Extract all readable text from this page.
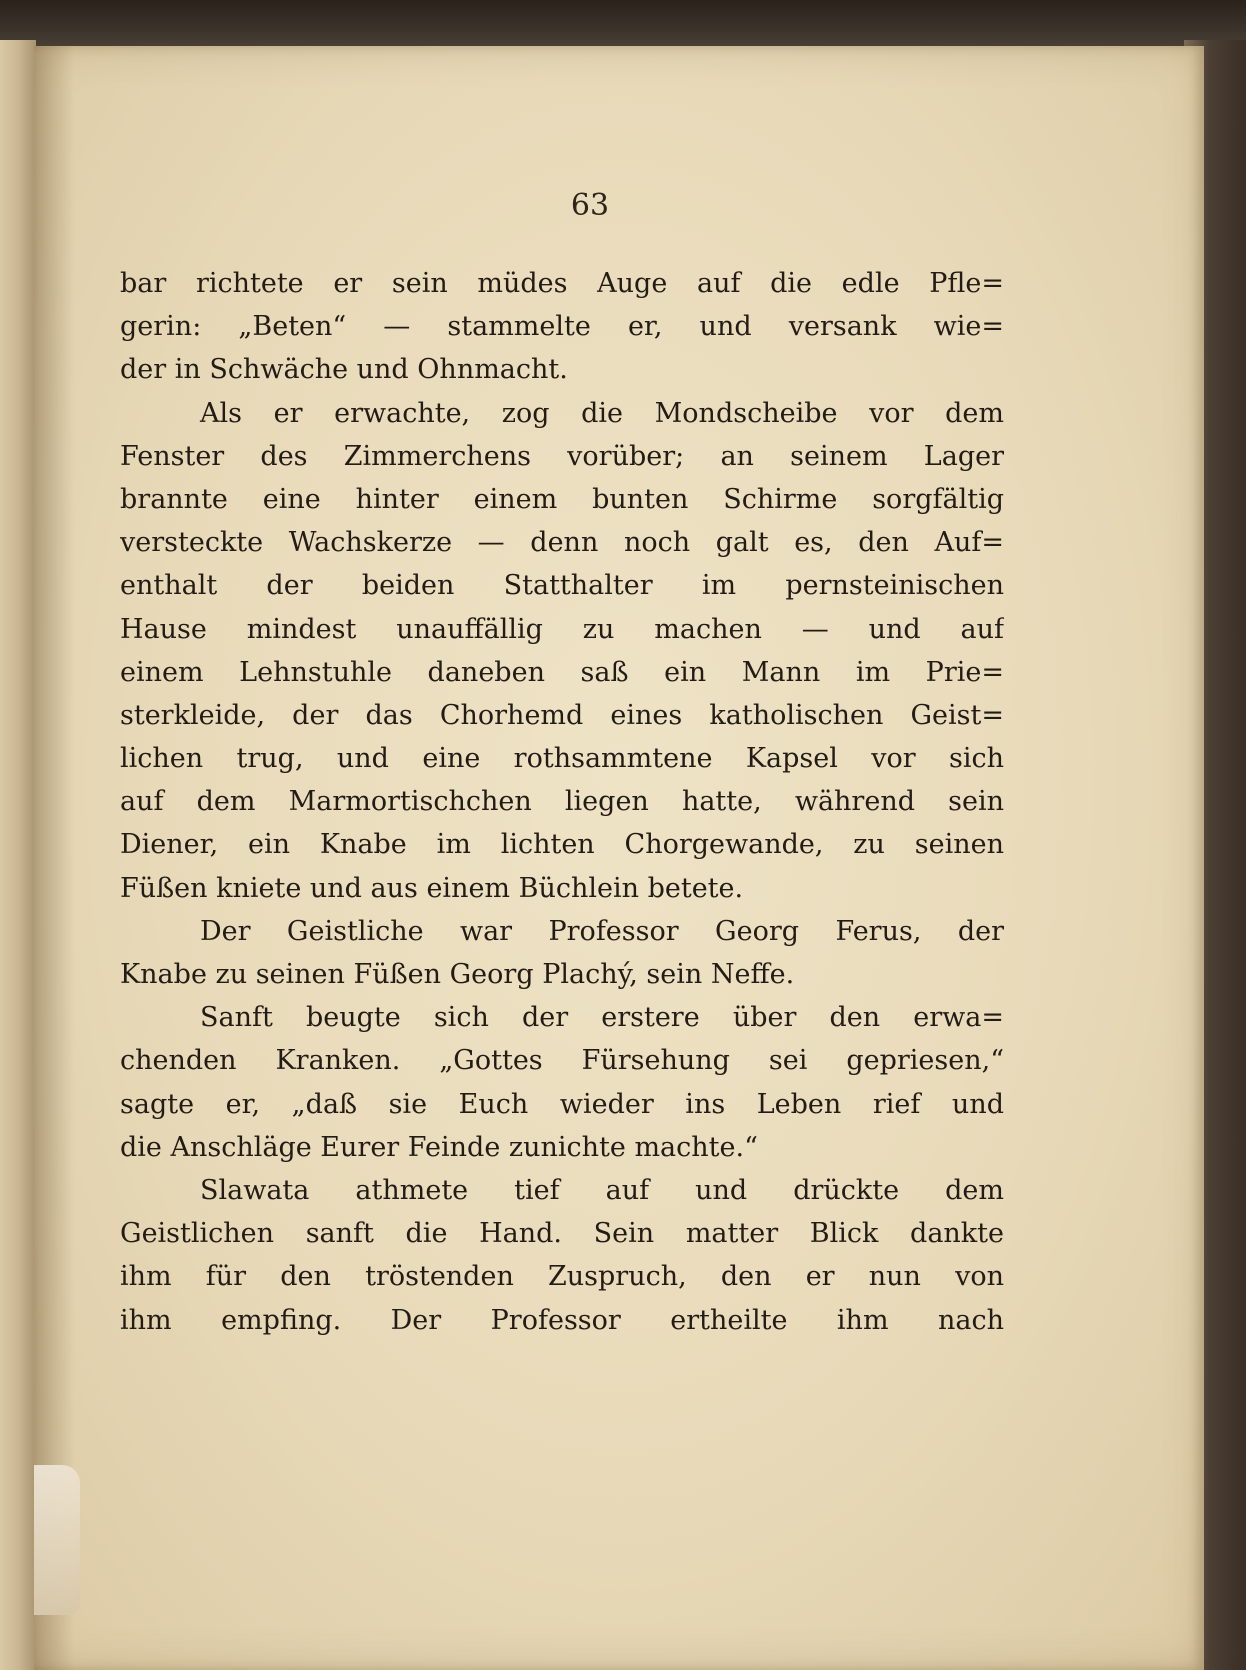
63
bar richtete er sein müdes Auge auf die edle Pfle=
gerin: „Beten“ — stammelte er, und versank wie=
der in Schwäche und Ohnmacht.
Als er erwachte, zog die Mondscheibe vor dem
Fenster des Zimmerchens vorüber; an seinem Lager
brannte eine hinter einem bunten Schirme sorgfältig
versteckte Wachskerze — denn noch galt es, den Auf=
enthalt der beiden Statthalter im pernsteinischen
Hause mindest unauffällig zu machen — und auf
einem Lehnstuhle daneben saß ein Mann im Prie=
sterkleide, der das Chorhemd eines katholischen Geist=
lichen trug, und eine rothsammtene Kapsel vor sich
auf dem Marmortischchen liegen hatte, während sein
Diener, ein Knabe im lichten Chorgewande, zu seinen
Füßen kniete und aus einem Büchlein betete.
Der Geistliche war Professor Georg Ferus, der
Knabe zu seinen Füßen Georg Plachý, sein Neffe.
Sanft beugte sich der erstere über den erwa=
chenden Kranken. „Gottes Fürsehung sei gepriesen,“
sagte er, „daß sie Euch wieder ins Leben rief und
die Anschläge Eurer Feinde zunichte machte.“
Slawata athmete tief auf und drückte dem
Geistlichen sanft die Hand. Sein matter Blick dankte
ihm für den tröstenden Zuspruch, den er nun von
ihm empfing. Der Professor ertheilte ihm nach
